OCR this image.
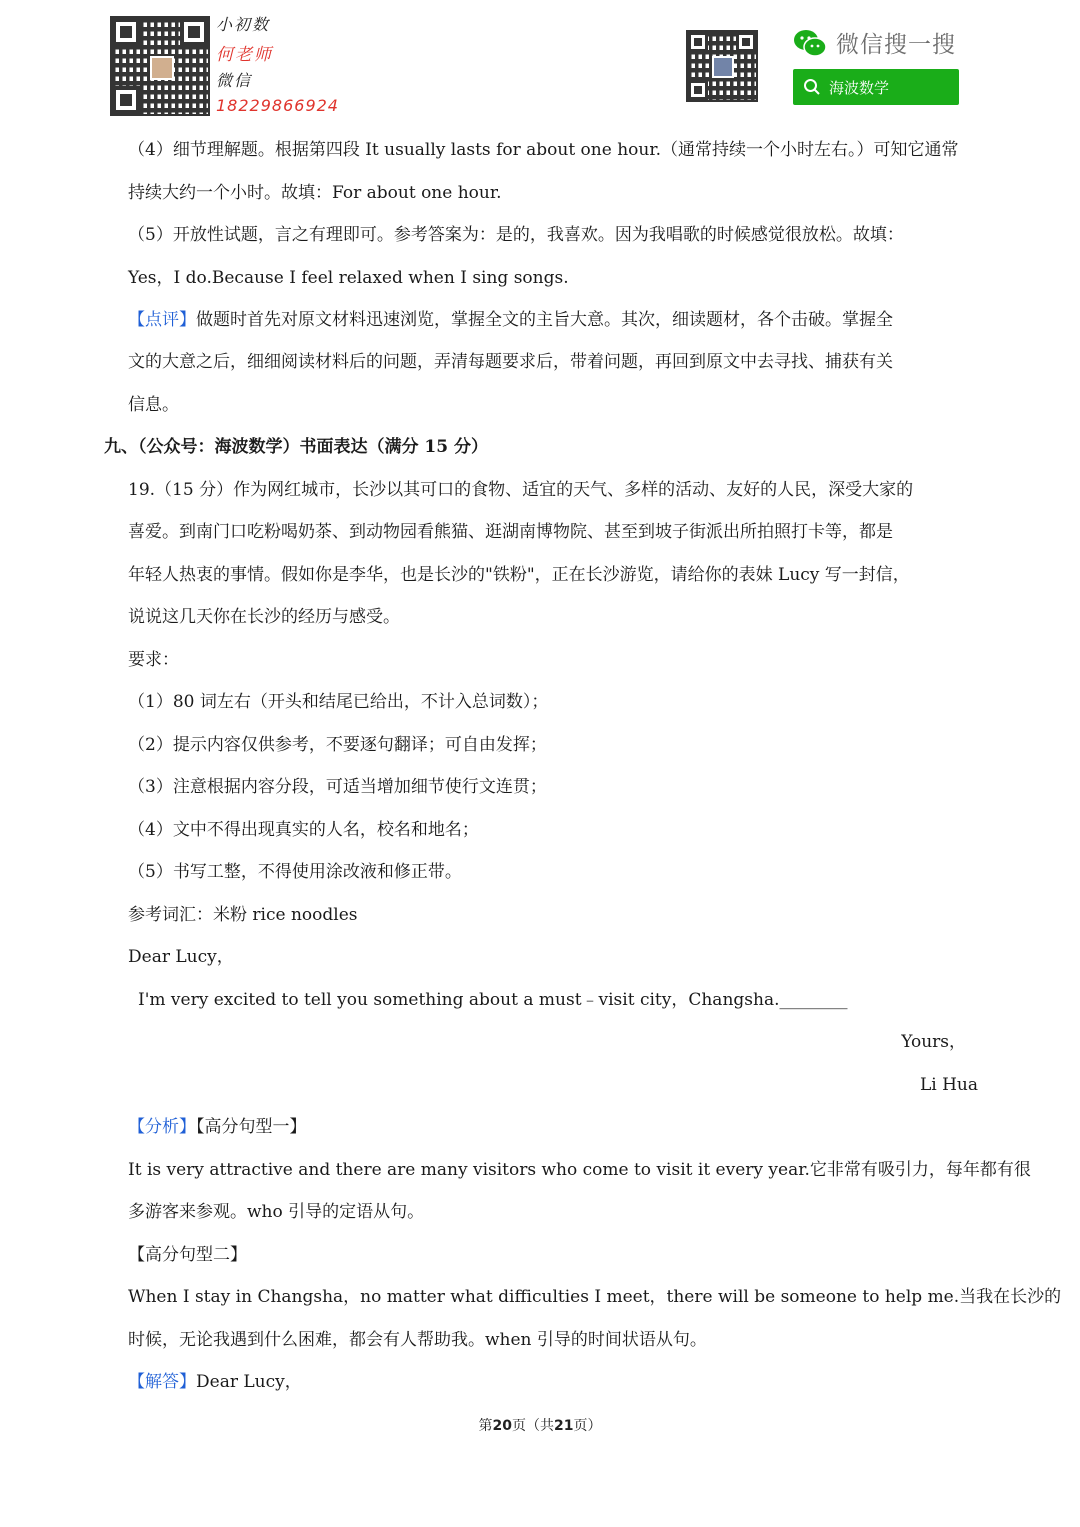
小初数
何老师
微信
18229866924
微信搜一搜
海波数学
（4）细节理解题。根据第四段 It usually lasts for about one hour.（通常持续一个小时左右。）可知它通常
持续大约一个小时。故填：For about one hour.
（5）开放性试题，言之有理即可。参考答案为：是的，我喜欢。因为我唱歌的时候感觉很放松。故填：
Yes，I do.Because I feel relaxed when I sing songs.
【点评】做题时首先对原文材料迅速浏览，掌握全文的主旨大意。其次，细读题材，各个击破。掌握全
文的大意之后，细细阅读材料后的问题，弄清每题要求后，带着问题，再回到原文中去寻找、捕获有关
信息。
九、（公众号：海波数学）书面表达（满分 15 分）
19.（15 分）作为网红城市，长沙以其可口的食物、适宜的天气、多样的活动、友好的人民，深受大家的
喜爱。到南门口吃粉喝奶茶、到动物园看熊猫、逛湖南博物院、甚至到坡子街派出所拍照打卡等，都是
年轻人热衷的事情。假如你是李华，也是长沙的"铁粉"，正在长沙游览，请给你的表妹 Lucy 写一封信，
说说这几天你在长沙的经历与感受。
要求：
（1）80 词左右（开头和结尾已给出，不计入总词数）；
（2）提示内容仅供参考，不要逐句翻译；可自由发挥；
（3）注意根据内容分段，可适当增加细节使行文连贯；
（4）文中不得出现真实的人名，校名和地名；
（5）书写工整，不得使用涂改液和修正带。
参考词汇：米粉 rice noodles
Dear Lucy，
I'm very excited to tell you something about a must﹣visit city，Changsha.________
Yours，
Li Hua
【分析】【高分句型一】
It is very attractive and there are many visitors who come to visit it every year.它非常有吸引力，每年都有很
多游客来参观。who 引导的定语从句。
【高分句型二】
When I stay in Changsha，no matter what difficulties I meet，there will be someone to help me.当我在长沙的
时候，无论我遇到什么困难，都会有人帮助我。when 引导的时间状语从句。
【解答】Dear Lucy，
第20页（共21页）
